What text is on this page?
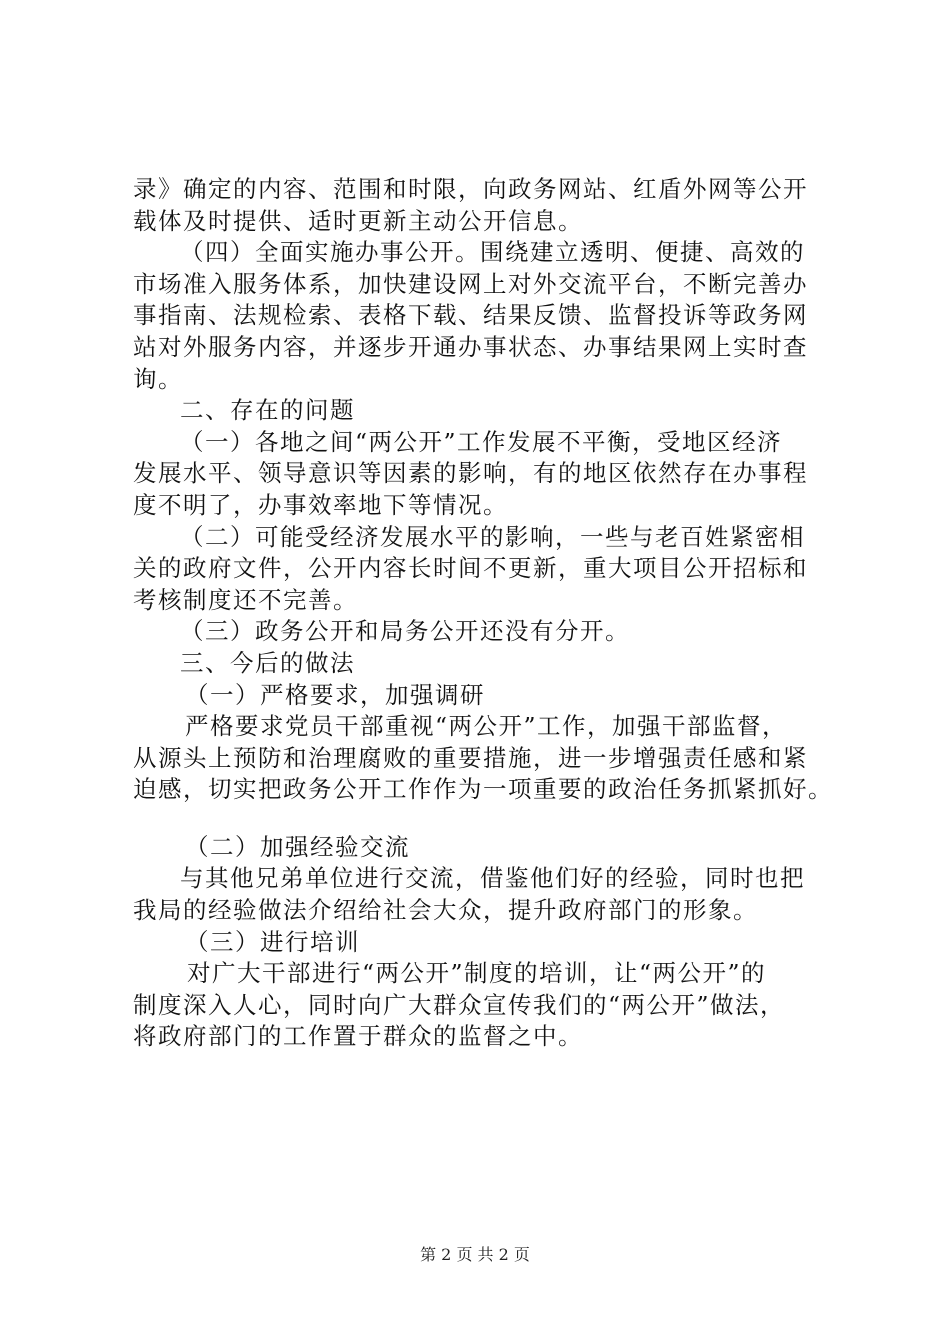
录》确定的内容、范围和时限，向政务网站、红盾外网等公开
载体及时提供、适时更新主动公开信息。
（四）全面实施办事公开。围绕建立透明、便捷、高效的
市场准入服务体系，加快建设网上对外交流平台，不断完善办
事指南、法规检索、表格下载、结果反馈、监督投诉等政务网
站对外服务内容，并逐步开通办事状态、办事结果网上实时查
询。
二、存在的问题
（一）各地之间“两公开”工作发展不平衡，受地区经济
发展水平、领导意识等因素的影响，有的地区依然存在办事程
度不明了，办事效率地下等情况。
（二）可能受经济发展水平的影响，一些与老百姓紧密相
关的政府文件，公开内容长时间不更新，重大项目公开招标和
考核制度还不完善。
（三）政务公开和局务公开还没有分开。
三、今后的做法
（一）严格要求，加强调研
严格要求党员干部重视“两公开”工作，加强干部监督，
从源头上预防和治理腐败的重要措施，进一步增强责任感和紧
迫感，切实把政务公开工作作为一项重要的政治任务抓紧抓好。
（二）加强经验交流
与其他兄弟单位进行交流，借鉴他们好的经验，同时也把
我局的经验做法介绍给社会大众，提升政府部门的形象。
（三）进行培训
对广大干部进行“两公开”制度的培训，让“两公开”的
制度深入人心，同时向广大群众宣传我们的“两公开”做法，
将政府部门的工作置于群众的监督之中。
第 2 页 共 2 页
